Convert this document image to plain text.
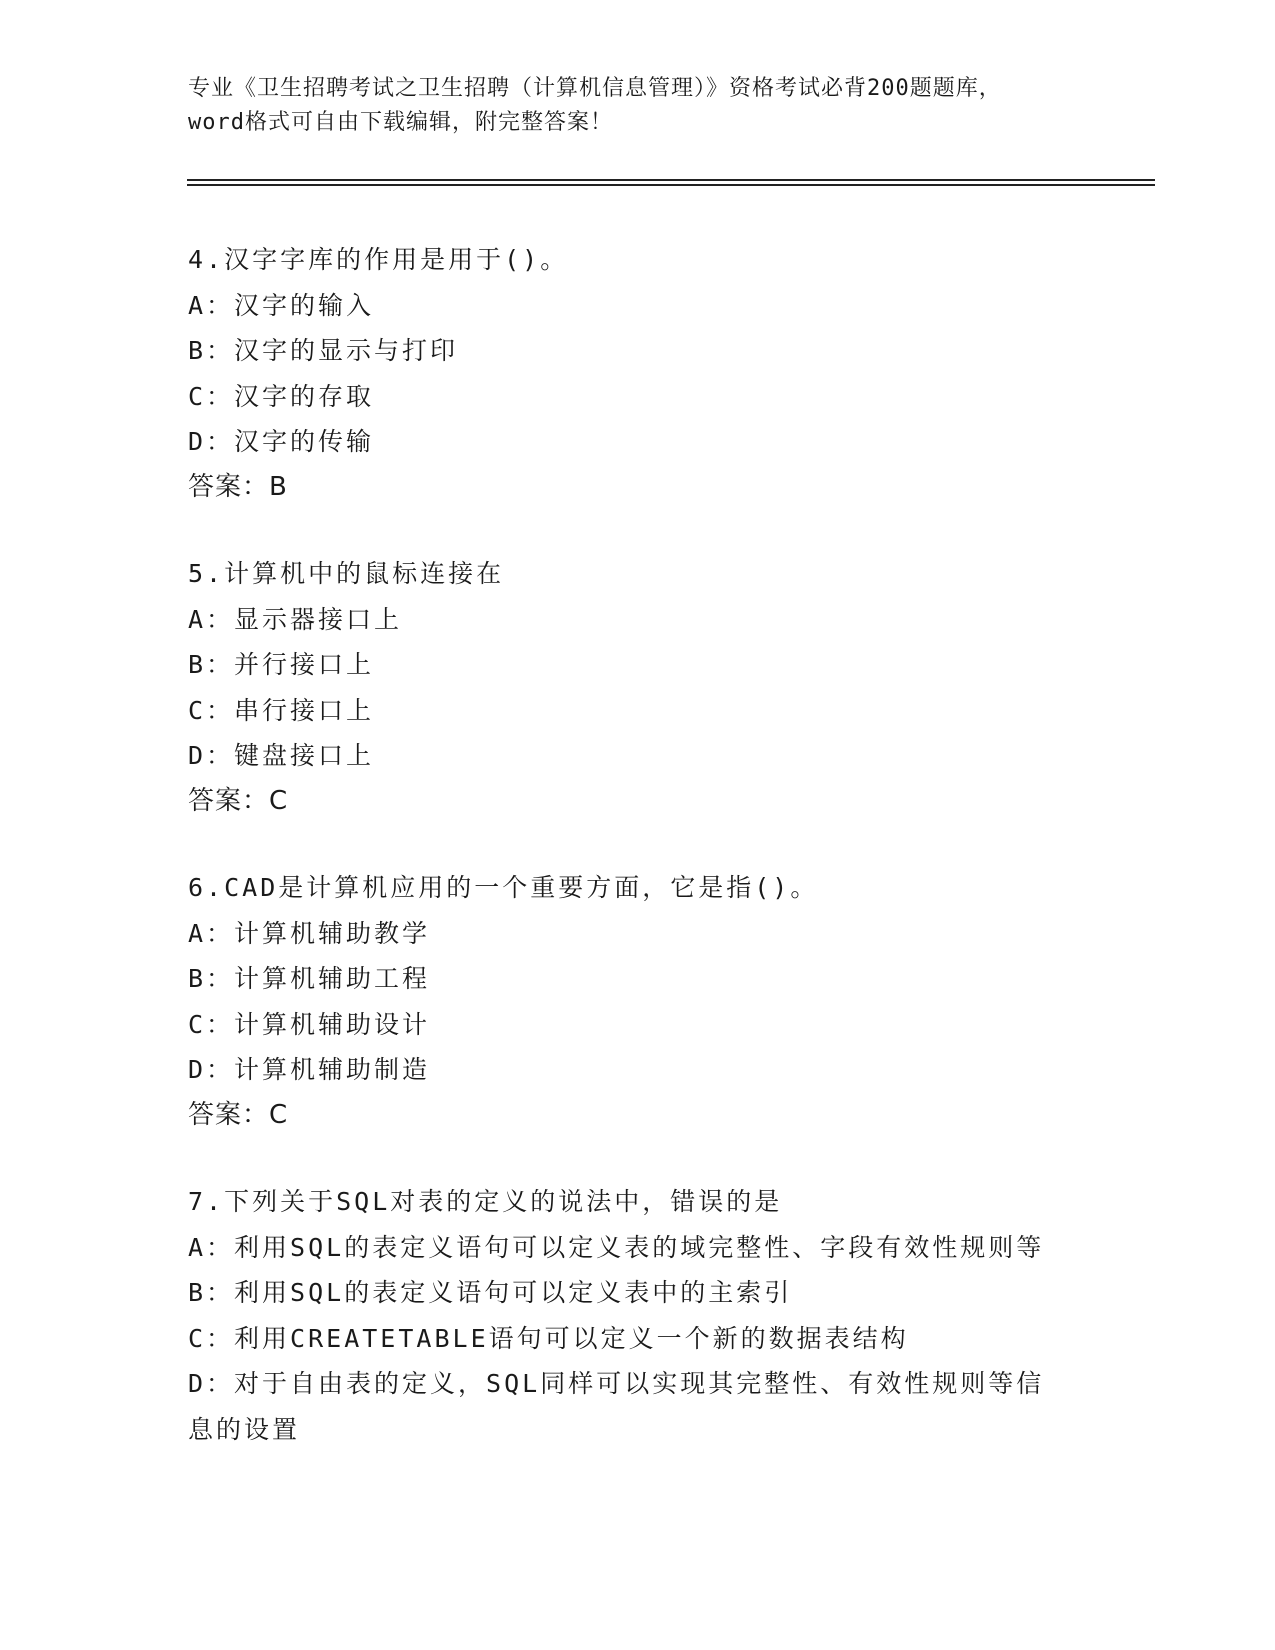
专业《卫生招聘考试之卫生招聘（计算机信息管理）》资格考试必背200题题库，
word格式可自由下载编辑，附完整答案！
4.汉字字库的作用是用于()。
A：汉字的输入
B：汉字的显示与打印
C：汉字的存取
D：汉字的传输
答案：B
5.计算机中的鼠标连接在
A：显示器接口上
B：并行接口上
C：串行接口上
D：键盘接口上
答案：C
6.CAD是计算机应用的一个重要方面，它是指()。
A：计算机辅助教学
B：计算机辅助工程
C：计算机辅助设计
D：计算机辅助制造
答案：C
7.下列关于SQL对表的定义的说法中，错误的是
A：利用SQL的表定义语句可以定义表的域完整性、字段有效性规则等
B：利用SQL的表定义语句可以定义表中的主索引
C：利用CREATETABLE语句可以定义一个新的数据表结构
D：对于自由表的定义，SQL同样可以实现其完整性、有效性规则等信息的设置
